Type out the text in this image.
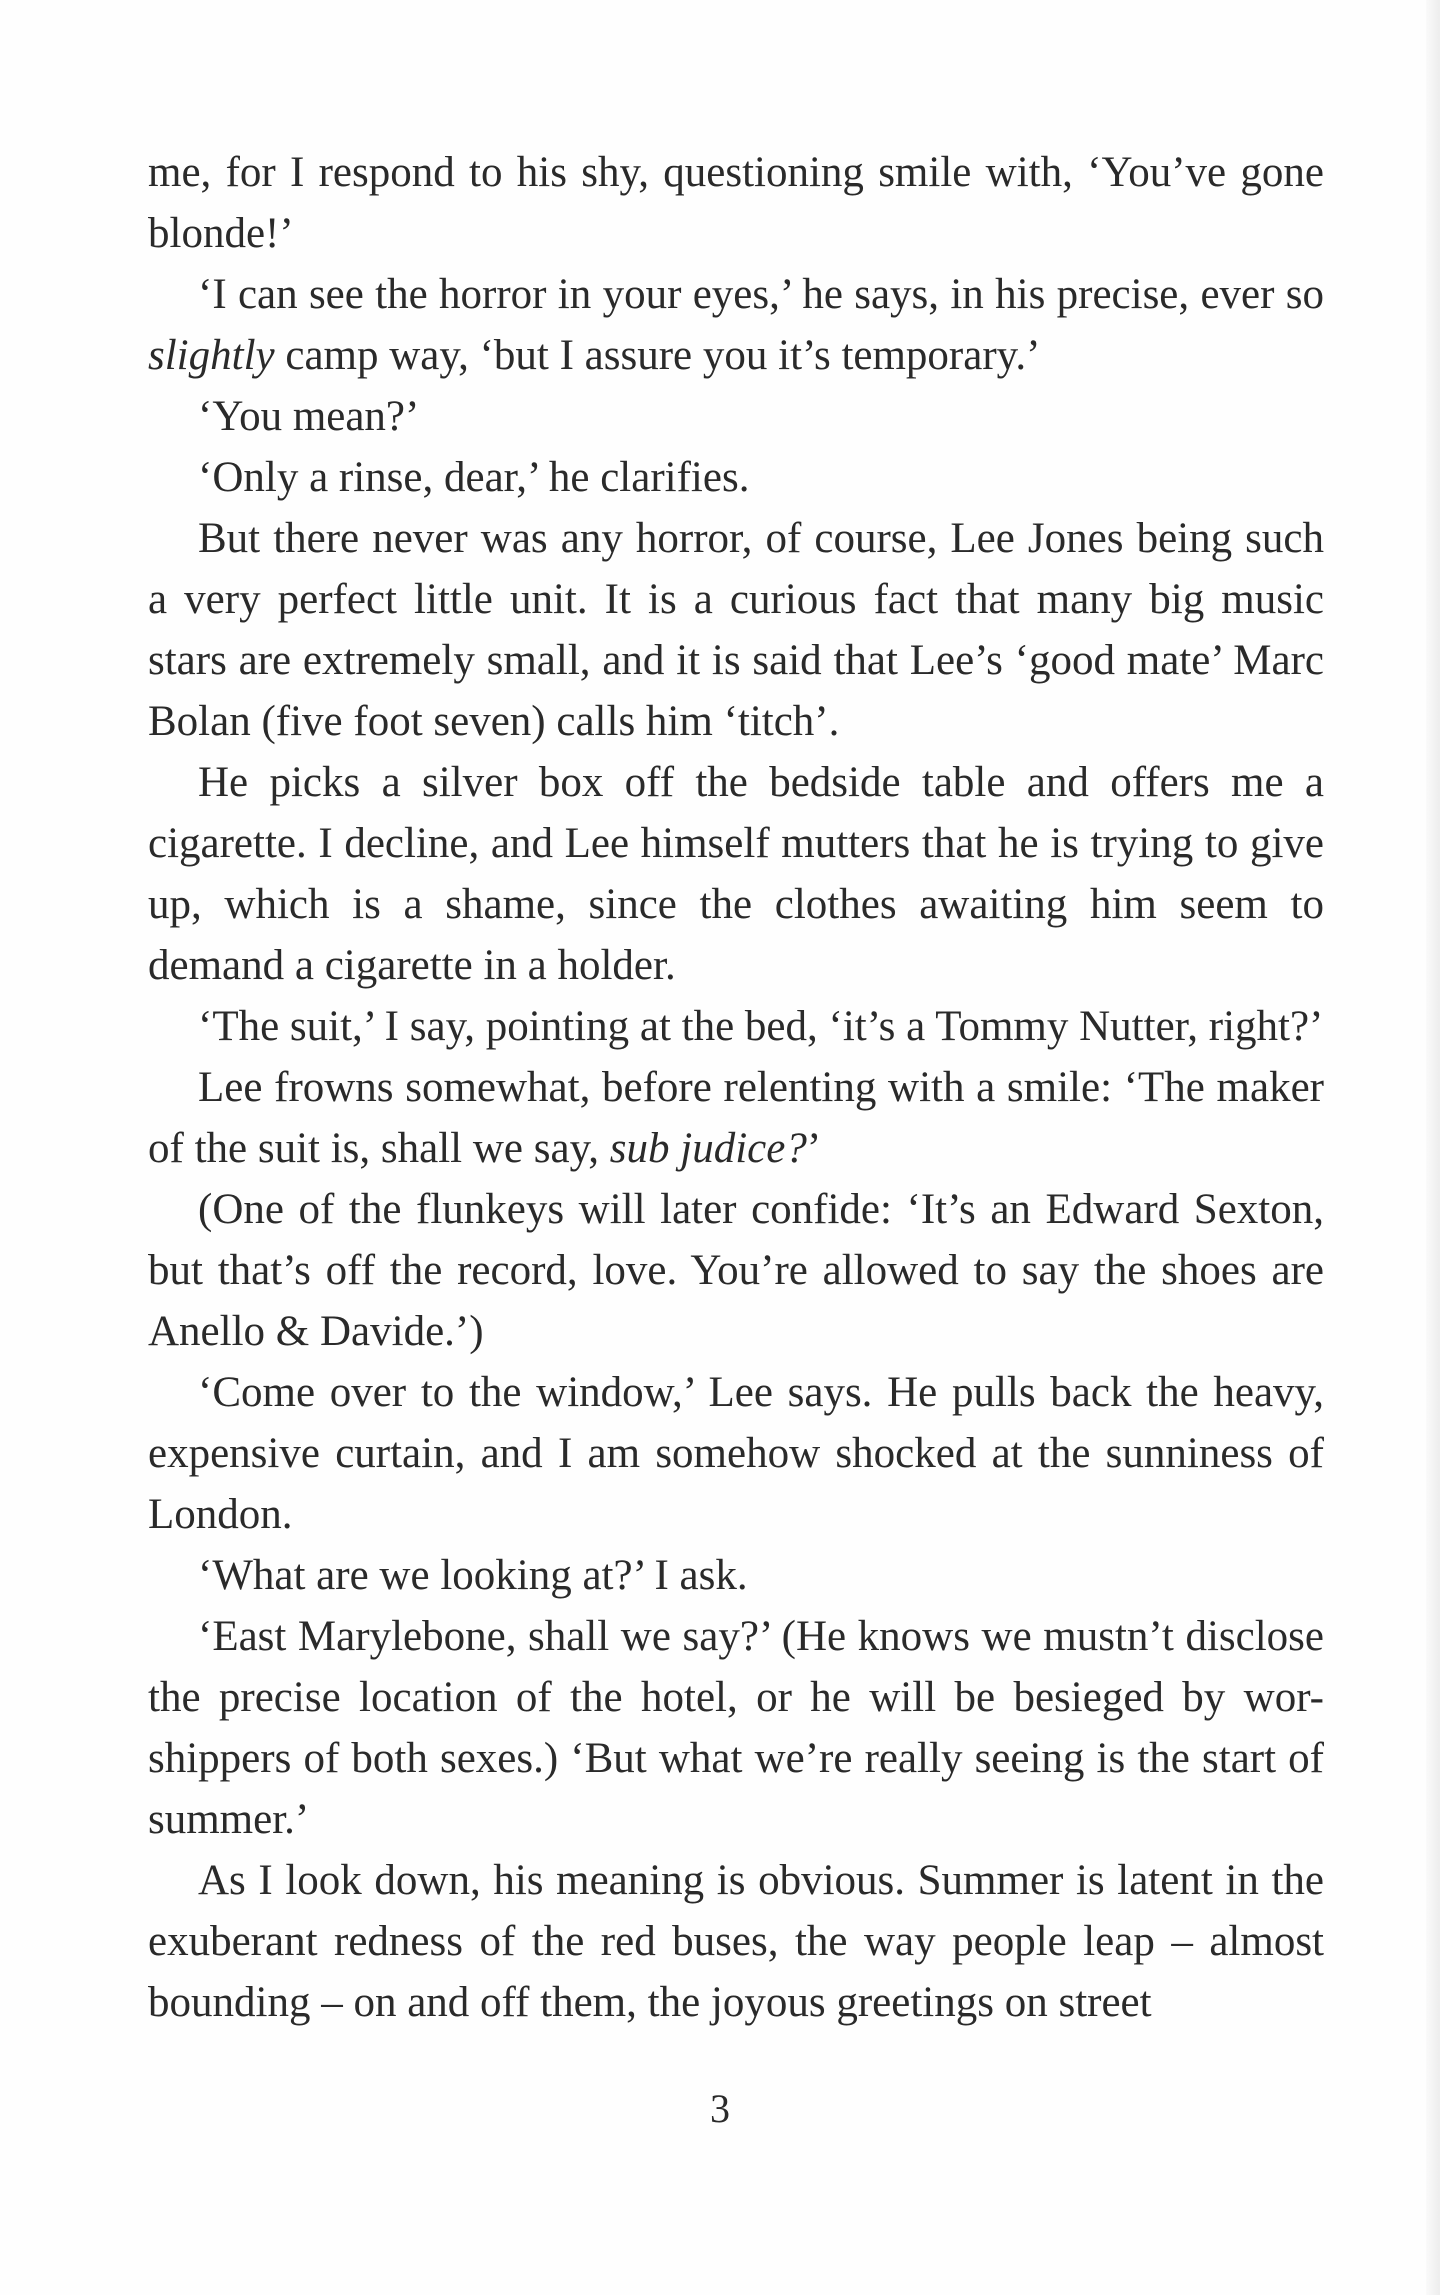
me, for I respond to his shy, questioning smile with, ‘You’ve gone blonde!’

‘I can see the horror in your eyes,’ he says, in his precise, ever so slightly camp way, ‘but I assure you it’s temporary.’

‘You mean?’

‘Only a rinse, dear,’ he clarifies.

But there never was any horror, of course, Lee Jones being such a very perfect little unit. It is a curious fact that many big music stars are extremely small, and it is said that Lee’s ‘good mate’ Marc Bolan (five foot seven) calls him ‘titch’.

He picks a silver box off the bedside table and offers me a cigarette. I decline, and Lee himself mutters that he is trying to give up, which is a shame, since the clothes awaiting him seem to demand a cigarette in a holder.

‘The suit,’ I say, pointing at the bed, ‘it’s a Tommy Nutter, right?’

Lee frowns somewhat, before relenting with a smile: ‘The maker of the suit is, shall we say, sub judice?’

(One of the flunkeys will later confide: ‘It’s an Edward Sexton, but that’s off the record, love. You’re allowed to say the shoes are Anello & Davide.’)

‘Come over to the window,’ Lee says. He pulls back the heavy, expensive curtain, and I am somehow shocked at the sunniness of London.

‘What are we looking at?’ I ask.

‘East Marylebone, shall we say?’ (He knows we mustn’t disclose the precise location of the hotel, or he will be besieged by wor-shippers of both sexes.) ‘But what we’re really seeing is the start of summer.’

As I look down, his meaning is obvious. Summer is latent in the exuberant redness of the red buses, the way people leap – almost bounding – on and off them, the joyous greetings on street

3
